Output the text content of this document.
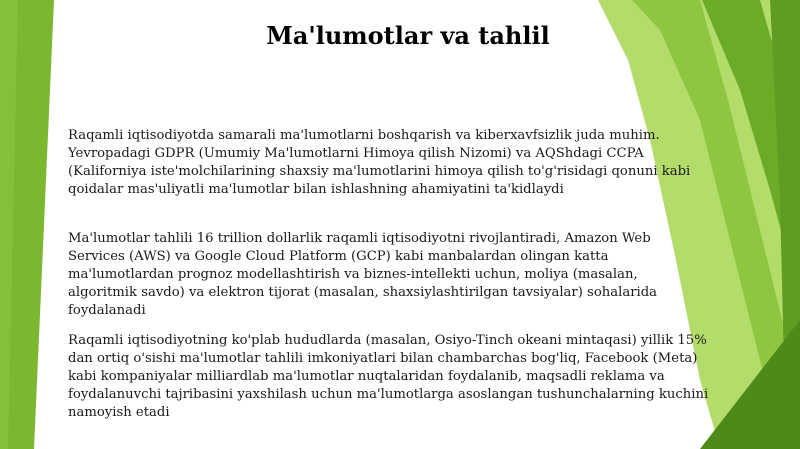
Ma'lumotlar va tahlil

Raqamli iqtisodiyotda samarali ma'lumotlarni boshqarish va kiberxavfsizlik juda muhim.
Yevropadagi GDPR (Umumiy Ma'lumotlarni Himoya qilish Nizomi) va AQShdagi CCPA
(Kaliforniya iste'molchilarining shaxsiy ma'lumotlarini himoya qilish to'g'risidagi qonuni kabi
qoidalar mas'uliyatli ma'lumotlar bilan ishlashning ahamiyatini ta'kidlaydi

Ma'lumotlar tahlili 16 trillion dollarlik raqamli iqtisodiyotni rivojlantiradi, Amazon Web
Services (AWS) va Google Cloud Platform (GCP) kabi manbalardan olingan katta
ma'lumotlardan prognoz modellashtirish va biznes-intellekti uchun, moliya (masalan,
algoritmik savdo) va elektron tijorat (masalan, shaxsiylashtirilgan tavsiyalar) sohalarida
foydalanadi

Raqamli iqtisodiyotning ko'plab hududlarda (masalan, Osiyo-Tinch okeani mintaqasi) yillik 15%
dan ortiq o'sishi ma'lumotlar tahlili imkoniyatlari bilan chambarchas bog'liq, Facebook (Meta)
kabi kompaniyalar milliardlab ma'lumotlar nuqtalaridan foydalanib, maqsadli reklama va
foydalanuvchi tajribasini yaxshilash uchun ma'lumotlarga asoslangan tushunchalarning kuchini
namoyish etadi
